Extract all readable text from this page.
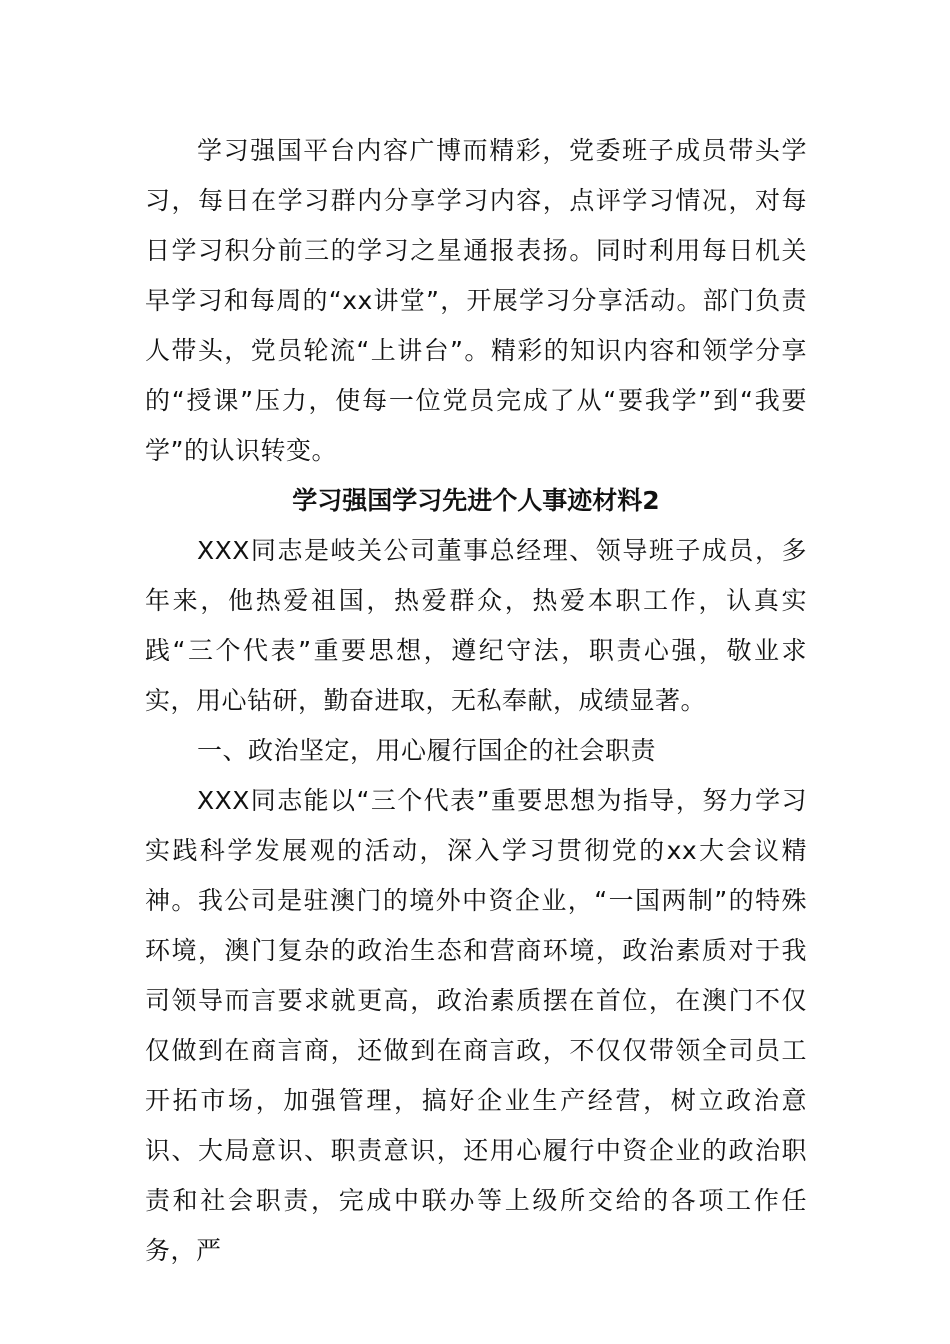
学习强国平台内容广博而精彩，党委班子成员带头学习，每日在学习群内分享学习内容，点评学习情况，对每日学习积分前三的学习之星通报表扬。同时利用每日机关早学习和每周的“xx讲堂”，开展学习分享活动。部门负责人带头，党员轮流“上讲台”。精彩的知识内容和领学分享的“授课”压力，使每一位党员完成了从“要我学”到“我要学”的认识转变。

学习强国学习先进个人事迹材料2

XXX同志是岐关公司董事总经理、领导班子成员，多年来，他热爱祖国，热爱群众，热爱本职工作，认真实践“三个代表”重要思想，遵纪守法，职责心强，敬业求实，用心钻研，勤奋进取，无私奉献，成绩显著。

一、政治坚定，用心履行国企的社会职责

XXX同志能以“三个代表”重要思想为指导，努力学习实践科学发展观的活动，深入学习贯彻党的xx大会议精神。我公司是驻澳门的境外中资企业，“一国两制”的特殊环境，澳门复杂的政治生态和营商环境，政治素质对于我司领导而言要求就更高，政治素质摆在首位，在澳门不仅仅做到在商言商，还做到在商言政，不仅仅带领全司员工开拓市场，加强管理，搞好企业生产经营，树立政治意识、大局意识、职责意识，还用心履行中资企业的政治职责和社会职责，完成中联办等上级所交给的各项工作任务，严
